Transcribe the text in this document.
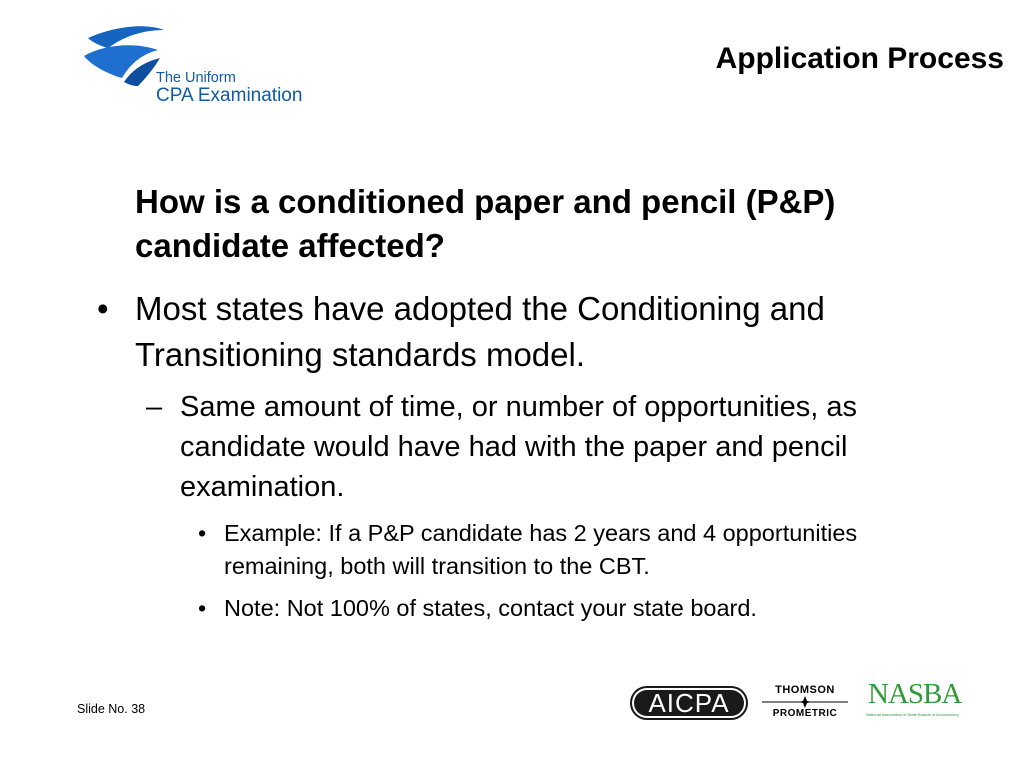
The Uniform
CPA Examination
Application Process
How is a conditioned paper and pencil (P&P) candidate affected?
• Most states have adopted the Conditioning and Transitioning standards model.
– Same amount of time, or number of opportunities, as candidate would have had with the paper and pencil examination.
• Example: If a P&P candidate has 2 years and 4 opportunities remaining, both will transition to the CBT.
• Note: Not 100% of states, contact your state board.
Slide No. 38	AICPA	THOMSON
PROMETRIC
NASBA
National Association of State Boards of Accountancy
